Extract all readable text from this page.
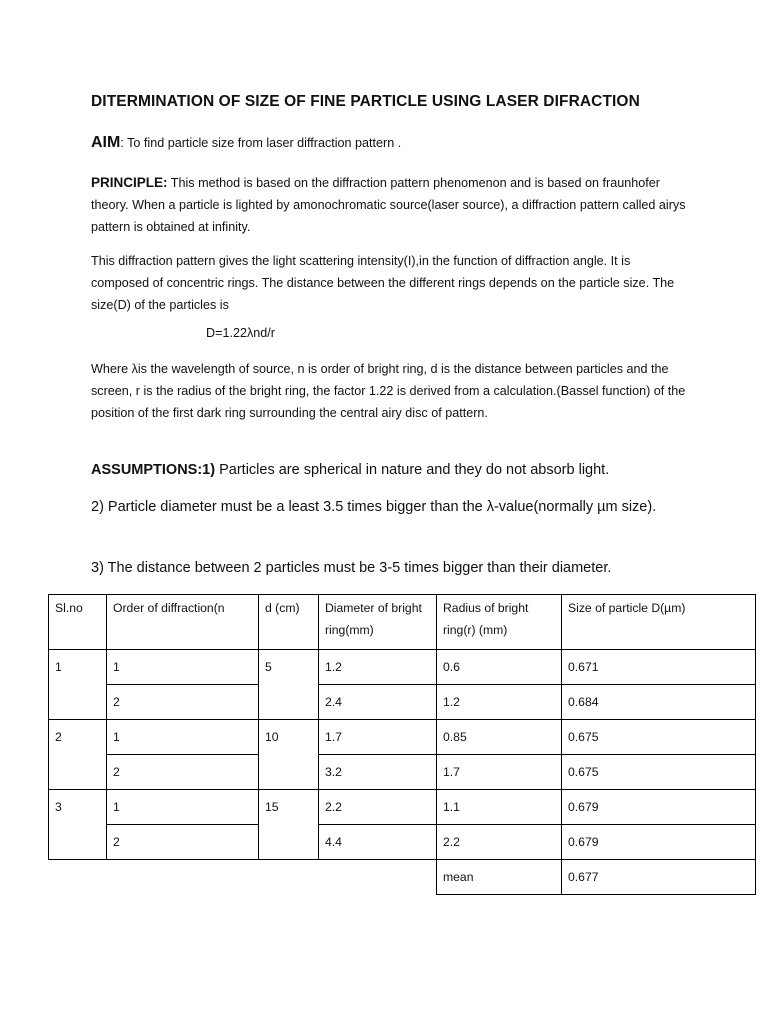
DITERMINATION OF SIZE OF FINE PARTICLE USING LASER DIFRACTION
AIM: To find particle size from laser diffraction pattern .
PRINCIPLE: This method is based on the diffraction pattern phenomenon and is based on fraunhofer theory. When a particle is lighted by amonochromatic source(laser source), a diffraction pattern called airys pattern is obtained at infinity.
This diffraction pattern gives the light scattering intensity(I),in the function of diffraction angle. It is composed of concentric rings. The distance between the different rings depends on the particle size. The size(D) of the particles is
D=1.22λnd/r
Where λis the wavelength of source, n is order of bright ring, d is the distance between particles and the screen, r is the radius of the bright ring, the factor 1.22 is derived from a calculation.(Bassel function) of the position of the first dark ring surrounding the central airy disc of pattern.
ASSUMPTIONS:1) Particles are spherical in nature and they do not absorb light.
2) Particle diameter must be a least 3.5 times bigger than the λ-value(normally µm size).
3) The distance between 2 particles must be 3-5 times bigger than their diameter.
Sl.no	Order of diffraction(n	d (cm)	Diameter of bright ring(mm)	Radius of bright ring(r) (mm)	Size of particle D(µm)
1	1	5	1.2	0.6	0.671
	2		2.4	1.2	0.684
2	1	10	1.7	0.85	0.675
	2		3.2	1.7	0.675
3	1	15	2.2	1.1	0.679
	2		4.4	2.2	0.679
				mean	0.677
